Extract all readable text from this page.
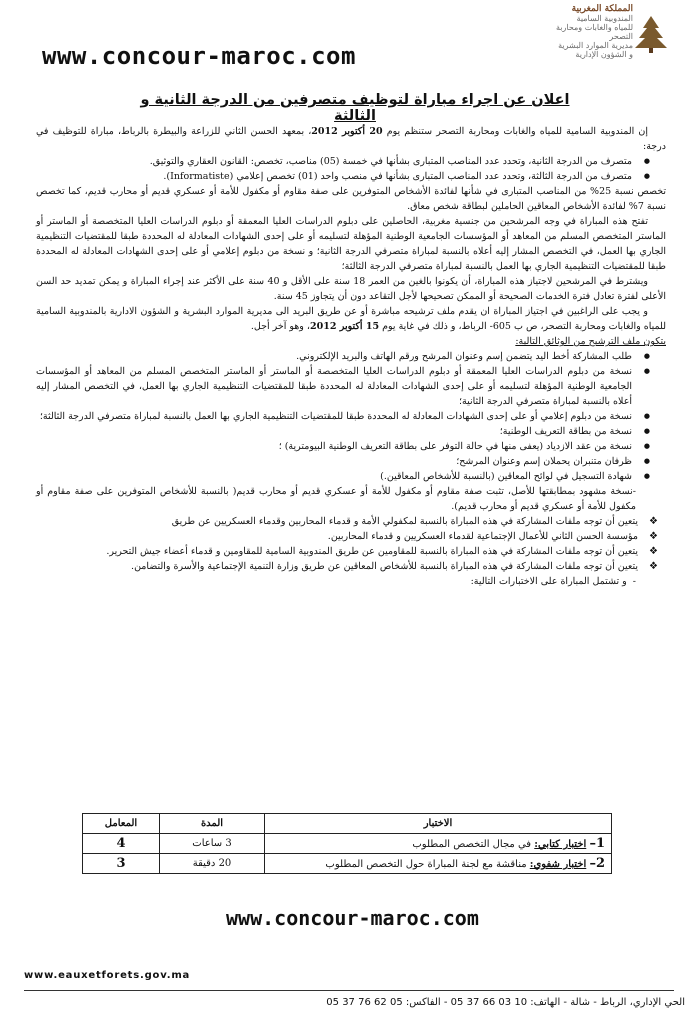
www.concour-maroc.com
المملكة المغربية
المندوبية السامية
للمياه والغابات ومحاربة التصحر
مديرية الموارد البشرية
و الشؤون الإدارية
اعلان عن اجراء مباراة لتوظيف متصرفين من الدرجة الثانية و الثالثة

إن المندوبية السامية للمياه والغابات ومحاربة التصحر ستنظم يوم 20 أكتوبر 2012، بمعهد الحسن الثاني للزراعة والبيطرة بالرباط، مباراة للتوظيف في درجة:

● متصرف من الدرجة الثانية، وتحدد عدد المناصب المتبارى بشأنها في خمسة (05) مناصب، تخصص: القانون العقاري والتوثيق.
● متصرف من الدرجة الثالثة، وتحدد عدد المناصب المتبارى بشأنها في منصب واحد (01) تخصص إعلامي (Informatiste).

تخصص نسبة 25% من المناصب المتبارى في شأنها لفائدة الأشخاص المتوفرين على صفة مقاوم أو مكفول للأمة أو عسكري قديم أو محارب قديم، كما تخصص نسبة 7% لفائدة الأشخاص المعاقين الحاملين لبطاقة شخص معاق.

تفتح هذه المباراة في وجه المرشحين من جنسية مغربية، الحاصلين على دبلوم الدراسات العليا المعمقة أو دبلوم الدراسات العليا المتخصصة أو الماستر أو الماستر المتخصص المسلم من المعاهد أو المؤسسات الجامعية الوطنية المؤهلة لتسليمه أو على إحدى الشهادات المعادلة له المحددة طبقا للمقتضيات التنظيمية الجاري بها العمل، في التخصص المشار إليه أعلاه بالنسبة لمباراة متصرفي الدرجة الثانية؛ و نسخة من دبلوم إعلامي أو على إحدى الشهادات المعادلة له المحددة طبقا للمقتضيات التنظيمية الجاري بها العمل بالنسبة لمباراة متصرفي الدرجة الثالثة؛

ويشترط في المرشحين لاجتياز هذه المباراة، أن يكونوا بالغين من العمر 18 سنة على الأقل و 40 سنة على الأكثر عند إجراء المباراة و يمكن تمديد حد السن الأعلى لفترة تعادل فترة الخدمات الصحيحة أو الممكن تصحيحها لأجل التقاعد دون أن يتجاوز 45 سنة.

و يجب على الراغبين في اجتياز المباراة ان يقدم ملف ترشيحه مباشرة أو عن طريق البريد الى مديرية الموارد البشرية و الشؤون الادارية بالمندوبية السامية للمياه والغابات ومحاربة التصحر، ص ب 605- الرباط، و ذلك في غاية يوم 15 أكتوبر 2012، وهو آخر أجل.

يتكون ملف الترشيح من الوثائق التالية:

● طلب المشاركة أخط اليد يتضمن إسم وعنوان المرشح ورقم الهاتف والبريد الإلكتروني.
● نسخة من دبلوم الدراسات العليا المعمقة أو دبلوم الدراسات العليا المتخصصة أو الماستر أو الماستر المتخصص المسلم من المعاهد أو المؤسسات الجامعية الوطنية المؤهلة لتسليمه أو على إحدى الشهادات المعادلة له المحددة طبقا للمقتضيات التنظيمية الجاري بها العمل، في التخصص المشار إليه أعلاه بالنسبة لمباراة متصرفي الدرجة الثانية؛
● نسخة من دبلوم إعلامي أو على إحدى الشهادات المعادلة له المحددة طبقا للمقتضيات التنظيمية الجاري بها العمل بالنسبة لمباراة متصرفي الدرجة الثالثة؛
● نسخة من بطاقة التعريف الوطنية؛
● نسخة من عقد الازدياد (يعفى منها في حالة التوفر على بطاقة التعريف الوطنية البيومترية) ؛
● ظرفان متنبران يحملان إسم وعنوان المرشح؛
● شهادة التسجيل في لوائح المعاقين (بالنسبة للأشخاص المعاقين.)

-نسخة مشهود بمطابقتها للأصل، تثبت صفة مقاوم أو مكفول للأمة أو عسكري قديم أو محارب قديم( بالنسبة للأشخاص المتوفرين على صفة مقاوم أو مكفول للأمة أو عسكري قديم أو محارب قديم).

❖ يتعين أن توجه ملفات المشاركة في هذه المباراة بالنسبة لمكفولي الأمة و قدماء المحاربين وقدماء العسكريين عن طريق
❖ مؤسسة الحسن الثاني للأعمال الإجتماعية لقدماء العسكريين و قدماء المحاربين.
❖ يتعين أن توجه ملفات المشاركة في هذه المباراة بالنسبة للمقاومين عن طريق المندوبية السامية للمقاومين و قدماء أعضاء جيش التحرير.
❖ يتعين أن توجه ملفات المشاركة في هذه المباراة بالنسبة للأشخاص المعاقين عن طريق وزارة التنمية الإجتماعية والأسرة والتضامن.

-  و تشتمل المباراة على الاختبارات التالية:

الاختبار	المدة	المعامل
1– اختبار كتابي: في مجال التخصص المطلوب	3 ساعات	4
2– اختبار شفوي: مناقشة مع لجنة المباراة حول التخصص المطلوب	20 دقيقة	3
www.concour-maroc.com
www.eauxetforets.gov.ma
الحي الإداري، الرباط - شالة - الهاتف: 10 03 66 37 05 - الفاكس: 05 62 76 37 05
